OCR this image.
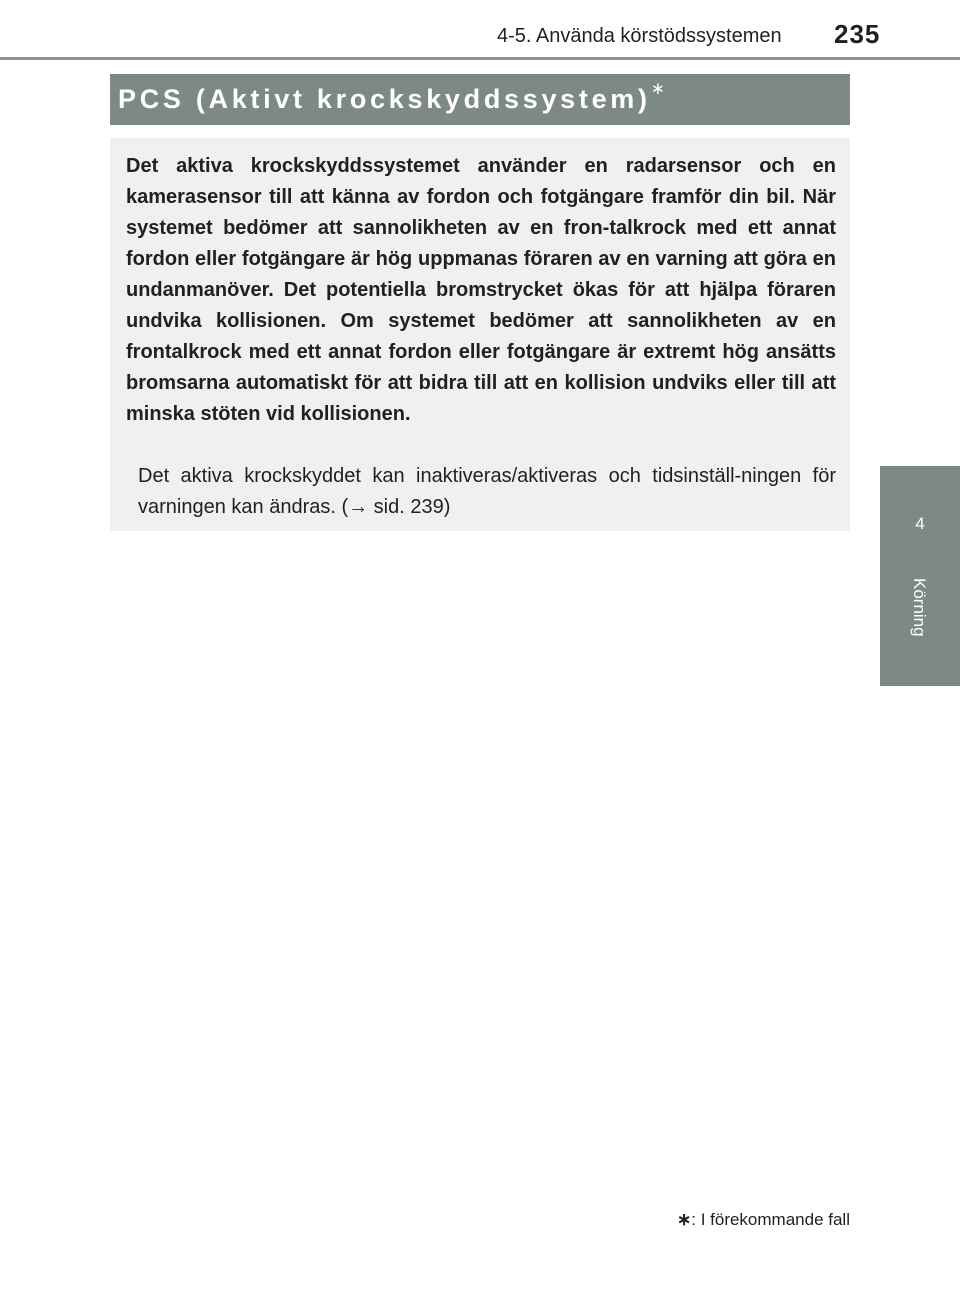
4-5. Använda körstödssystemen 235
4
Körning
PCS (Aktivt krockskyddssystem)∗

Det aktiva krockskyddssystemet använder en radarsensor och en kamerasensor till att känna av fordon och fotgängare framför din bil. När systemet bedömer att sannolikheten av en fron-talkrock med ett annat fordon eller fotgängare är hög uppmanas föraren av en varning att göra en undanmanöver. Det potentiella bromstrycket ökas för att hjälpa föraren undvika kollisionen. Om systemet bedömer att sannolikheten av en frontalkrock med ett annat fordon eller fotgängare är extremt hög ansätts bromsarna automatiskt för att bidra till att en kollision undviks eller till att minska stöten vid kollisionen.

Det aktiva krockskyddet kan inaktiveras/aktiveras och tidsinställ-ningen för varningen kan ändras. (→ sid. 239)

∗: I förekommande fall
